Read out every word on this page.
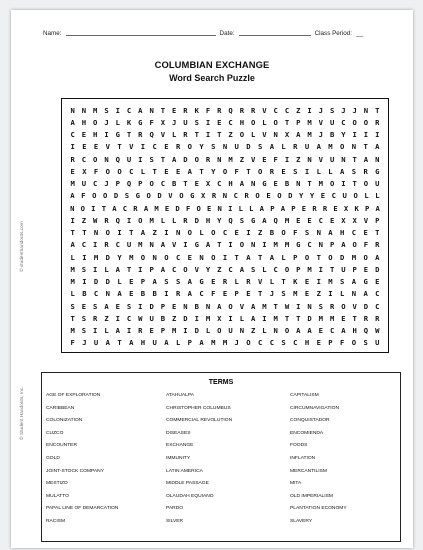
Name:	Date:	Class Period: __
© studenthandouts.com
© Student Handouts, Inc.
COLUMBIAN EXCHANGE
Word Search Puzzle
N N M S I C A N T E R K F R Q R R V C C Z I J S J J N T
A H O J L K G F X J U S I E C H O L O T P M V U C O O R
C E H I G T R Q V L R T I T Z O L V N X A M J B Y I I I
I	E	E	V	T	V	I	C	E	R	O	Y	S	N	U	D	S	A	L	R	U	A	M	O	N	T	A
R C O N Q U I S T A D O R N M Z V E F I Z N V U N T A N
E	X	F	O	O	C	L	T	E	E	A	T	Y	O	F	T	O	R	E	S	I	L	L	A	S	R	G
M U C J P Q P O C B T E X C H A N G E B N T M O I T O U
A F O O D S G O D V O G X R N C R O E O D Y Y E C U O L L
N O I T A C R A M E D F O E N I L L A P A P E R R E X K P A
I Z W R Q I O M L L R D H Y Q S G A Q M E E C E X X V P
T	T	N	O	I	T	A	Z	I	N	O	L	O	C	E	I	Z	B	O	F	S	N	A	H	C	E	T
A C I R C U M N A V I G A T I O N I M M G C N P A O F R
L	I	M	D	Y	M	O	N	O	C	E	N	O	I	T	A	T	A	L	P	O	T	O	D	M	O	A
M S I L A T I P A C O V Y Z C A S L C O P M I T U P E D
M	I	D	D	L	E	P	A	S	S	A	G	E	R	L	R	V	L	T	K	E	I	M	S	A	G	E
L	B	C	N	A	E	B	B	I	R	A	C	F	E	P	E	T	J	S	M	E	Z	I	L	N	A	C
S E S A E S I D P E N B N A O V A M T W I N S R O V D C
T S R Z I C W U B Z D I M X I L A I M T T D M M E T R R
M S I L A I R E P M I D L O U N Z L N O A A E C A H Q W
F	J	U	A	T	A	H	U	A	L	P	A	M	M	J	O	C	C	S	C	H	E	P	F	O	S	U
TERMS
AGE OF EXPLORATION	ATAHUALPA	CAPITALISM
CARIBBEAN	CHRISTOPHER COLUMBUS	CIRCUMNAVIGATION
COLONIZATION	COMMERCIAL REVOLUTION	CONQUISTADOR
CUZCO	DISEASES	ENCOMIENDA
ENCOUNTER	EXCHANGE	FOODS
GOLD	IMMUNITY	INFLATION
JOINT-STOCK COMPANY	LATIN AMERICA	MERCANTILISM
MESTIZO	MIDDLE PASSAGE	MITA
MULATTO	OLAUDAH EQUIANO	OLD IMPERIALISM
PAPAL LINE OF DEMARCATION	PARDO	PLANTATION ECONOMY
RACISM	SILVER	SLAVERY
